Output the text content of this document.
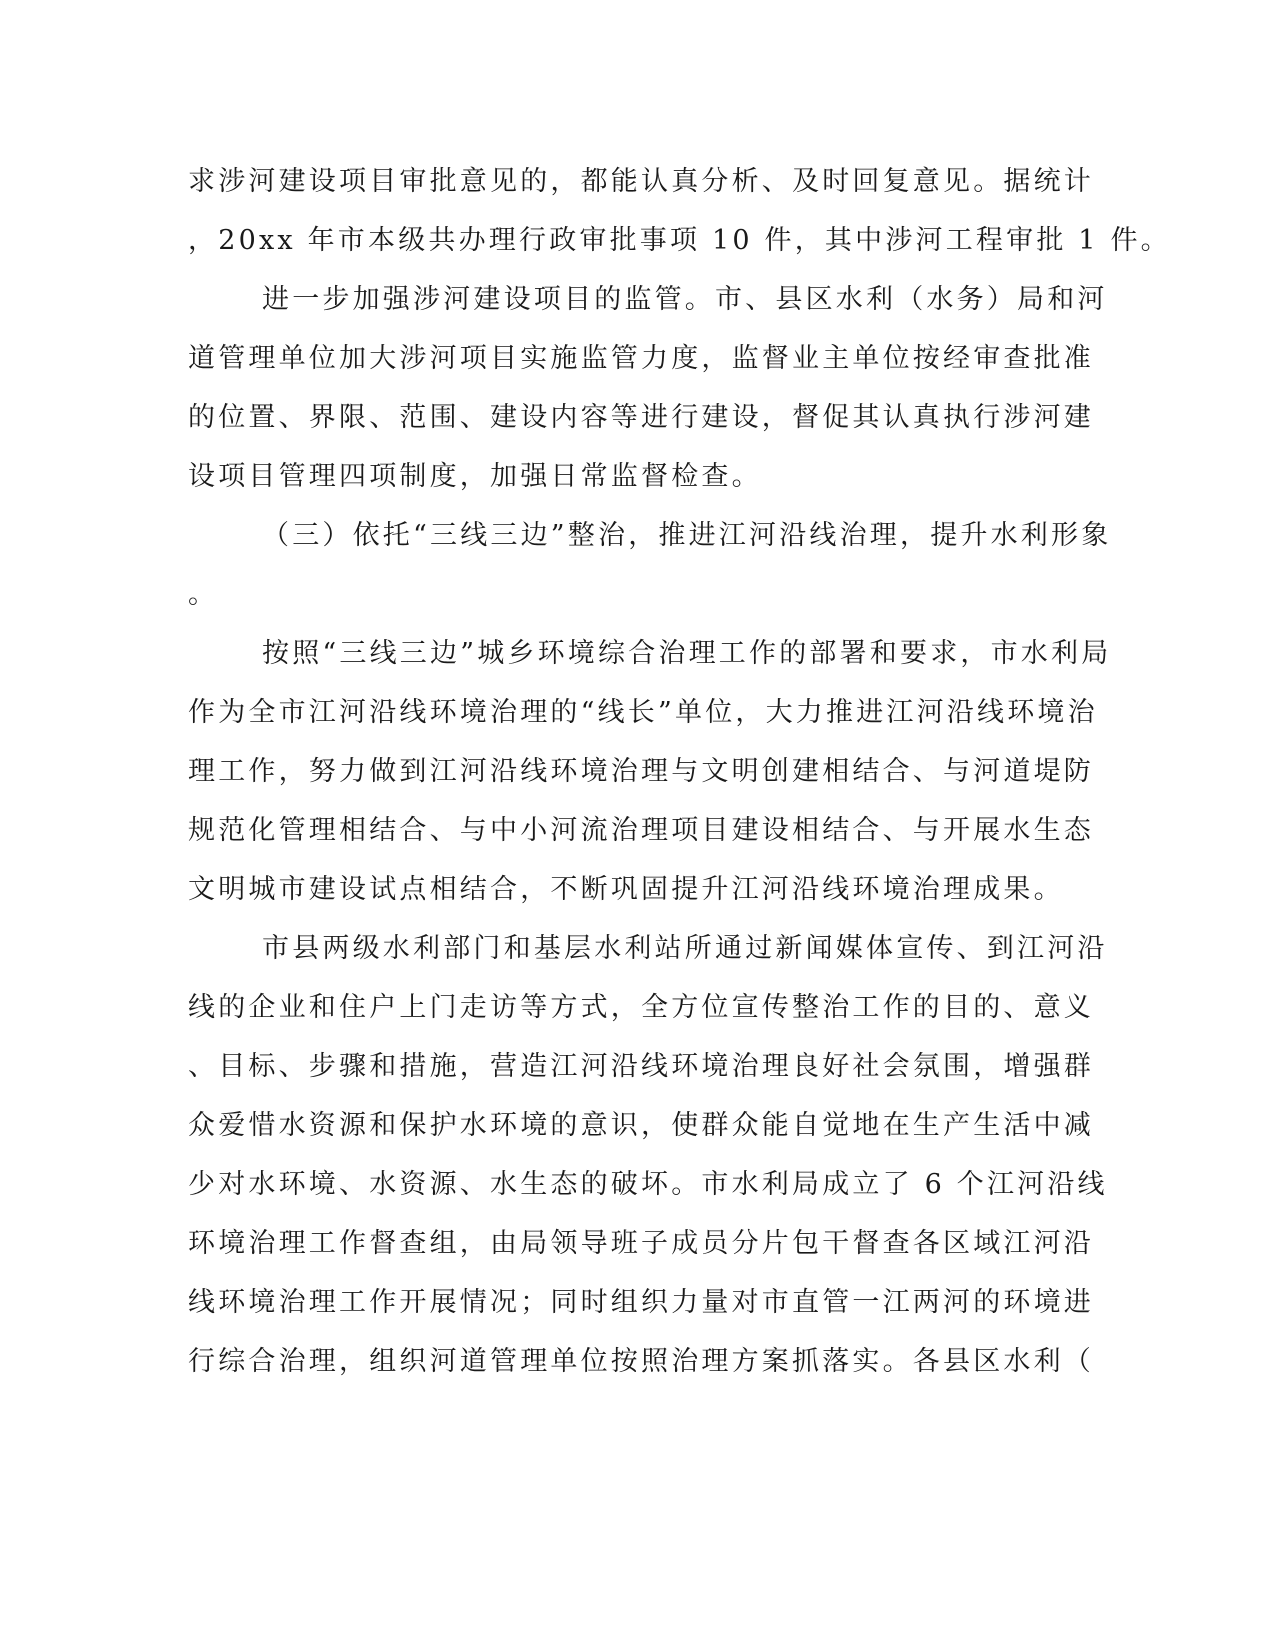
求涉河建设项目审批意见的，都能认真分析、及时回复意见。据统计
，20xx 年市本级共办理行政审批事项 10 件，其中涉河工程审批 1 件。
进一步加强涉河建设项目的监管。市、县区水利（水务）局和河
道管理单位加大涉河项目实施监管力度，监督业主单位按经审查批准
的位置、界限、范围、建设内容等进行建设，督促其认真执行涉河建
设项目管理四项制度，加强日常监督检查。
（三）依托“三线三边”整治，推进江河沿线治理，提升水利形象
。
按照“三线三边”城乡环境综合治理工作的部署和要求，市水利局
作为全市江河沿线环境治理的“线长”单位，大力推进江河沿线环境治
理工作，努力做到江河沿线环境治理与文明创建相结合、与河道堤防
规范化管理相结合、与中小河流治理项目建设相结合、与开展水生态
文明城市建设试点相结合，不断巩固提升江河沿线环境治理成果。
市县两级水利部门和基层水利站所通过新闻媒体宣传、到江河沿
线的企业和住户上门走访等方式，全方位宣传整治工作的目的、意义
、目标、步骤和措施，营造江河沿线环境治理良好社会氛围，增强群
众爱惜水资源和保护水环境的意识，使群众能自觉地在生产生活中减
少对水环境、水资源、水生态的破坏。市水利局成立了 6 个江河沿线
环境治理工作督查组，由局领导班子成员分片包干督查各区域江河沿
线环境治理工作开展情况；同时组织力量对市直管一江两河的环境进
行综合治理，组织河道管理单位按照治理方案抓落实。各县区水利（
